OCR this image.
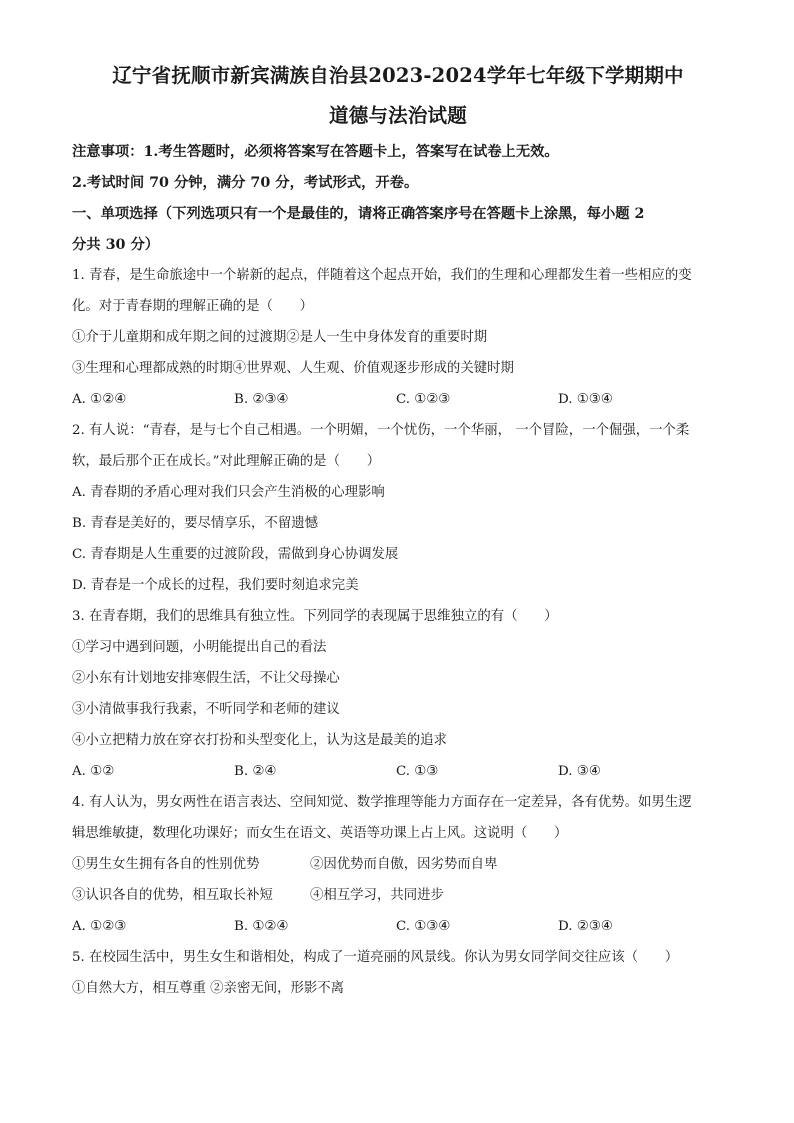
辽宁省抚顺市新宾满族自治县2023-2024学年七年级下学期期中
道德与法治试题
注意事项：1.考生答题时，必须将答案写在答题卡上，答案写在试卷上无效。
2.考试时间 70 分钟，满分 70 分，考试形式，开卷。
一、单项选择（下列选项只有一个是最佳的，请将正确答案序号在答题卡上涂黑，每小题 2
分共 30 分）
1. 青春，是生命旅途中一个崭新的起点，伴随着这个起点开始，我们的生理和心理都发生着一些相应的变
化。对于青春期的理解正确的是（　　）
①介于儿童期和成年期之间的过渡期②是人一生中身体发育的重要时期
③生理和心理都成熟的时期④世界观、人生观、价值观逐步形成的关键时期
A. ①②④	B. ②③④	C. ①②③	D. ①③④
2. 有人说：“青春，是与七个自己相遇。一个明媚，一个忧伤，一个华丽， 一个冒险，一个倔强，一个柔
软，最后那个正在成长。”对此理解正确的是（　　）
A. 青春期的矛盾心理对我们只会产生消极的心理影响
B. 青春是美好的，要尽情享乐，不留遗憾
C. 青春期是人生重要的过渡阶段，需做到身心协调发展
D. 青春是一个成长的过程，我们要时刻追求完美
3. 在青春期，我们的思维具有独立性。下列同学的表现属于思维独立的有（　　）
①学习中遇到问题，小明能提出自己的看法
②小东有计划地安排寒假生活，不让父母操心
③小清做事我行我素，不听同学和老师的建议
④小立把精力放在穿衣打扮和头型变化上，认为这是最美的追求
A. ①②	B. ②④	C. ①③	D. ③④
4. 有人认为，男女两性在语言表达、空间知觉、数学推理等能力方面存在一定差异，各有优势。如男生逻
辑思维敏捷，数理化功课好；而女生在语文、英语等功课上占上风。这说明（　　）
①男生女生拥有各自的性别优势	②因优势而自傲，因劣势而自卑
③认识各自的优势，相互取长补短	④相互学习，共同进步
A. ①②③	B. ①②④	C. ①③④	D. ②③④
5. 在校园生活中，男生女生和谐相处，构成了一道亮丽的风景线。你认为男女同学间交往应该（　　）
①自然大方，相互尊重 ②亲密无间，形影不离
